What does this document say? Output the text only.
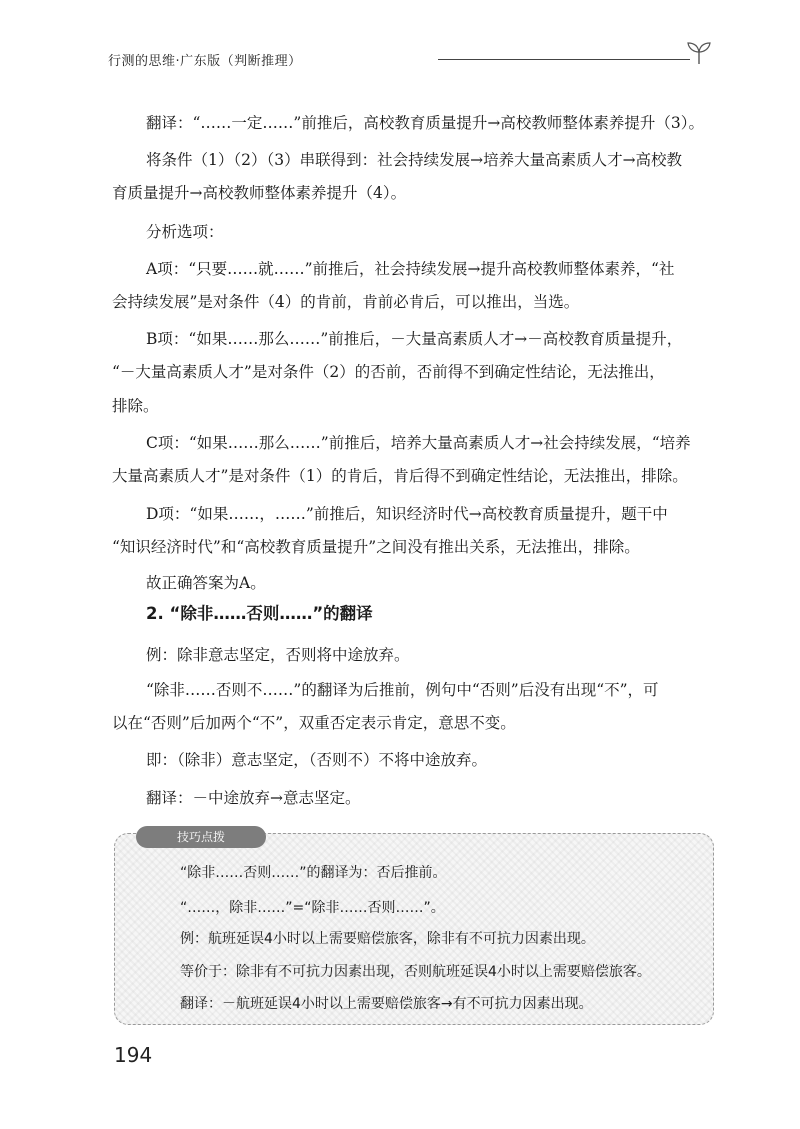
行测的思维·广东版（判断推理）
翻译：“……一定……”前推后，高校教育质量提升→高校教师整体素养提升（3）。
将条件（1）（2）（3）串联得到：社会持续发展→培养大量高素质人才→高校教
育质量提升→高校教师整体素养提升（4）。
分析选项：
A项：“只要……就……”前推后，社会持续发展→提升高校教师整体素养，“社
会持续发展”是对条件（4）的肯前，肯前必肯后，可以推出，当选。
B项：“如果……那么……”前推后，－大量高素质人才→－高校教育质量提升，
“－大量高素质人才”是对条件（2）的否前，否前得不到确定性结论，无法推出，
排除。
C项：“如果……那么……”前推后，培养大量高素质人才→社会持续发展，“培养
大量高素质人才”是对条件（1）的肯后，肯后得不到确定性结论，无法推出，排除。
D项：“如果……，……”前推后，知识经济时代→高校教育质量提升，题干中
“知识经济时代”和“高校教育质量提升”之间没有推出关系，无法推出，排除。
故正确答案为A。
2. “除非……否则……”的翻译
例：除非意志坚定，否则将中途放弃。
“除非……否则不……”的翻译为后推前，例句中“否则”后没有出现“不”，可
以在“否则”后加两个“不”，双重否定表示肯定，意思不变。
即：（除非）意志坚定，（否则不）不将中途放弃。
翻译：－中途放弃→意志坚定。
技巧点拨
“除非……否则……”的翻译为：否后推前。
“……，除非……”=“除非……否则……”。
例：航班延误4小时以上需要赔偿旅客，除非有不可抗力因素出现。
等价于：除非有不可抗力因素出现，否则航班延误4小时以上需要赔偿旅客。
翻译：－航班延误4小时以上需要赔偿旅客→有不可抗力因素出现。
194
